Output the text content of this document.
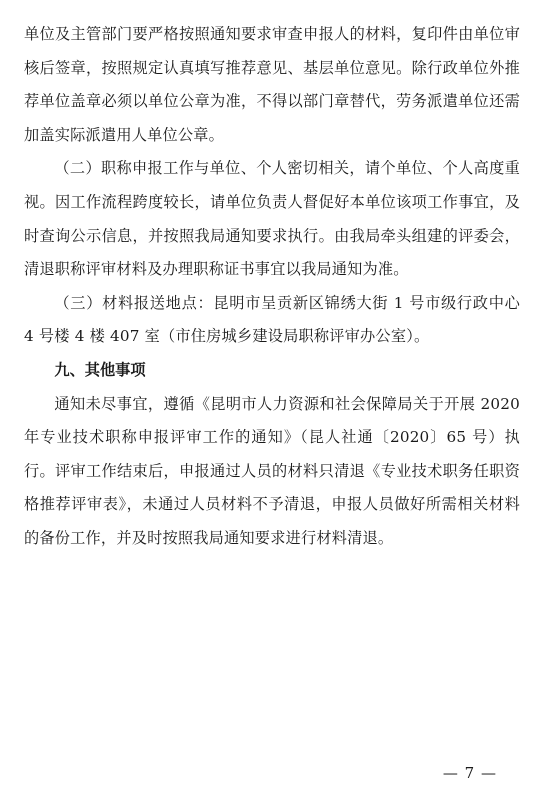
单位及主管部门要严格按照通知要求审查申报人的材料，复印件由单位审核后签章，按照规定认真填写推荐意见、基层单位意见。除行政单位外推荐单位盖章必须以单位公章为准，不得以部门章替代，劳务派遣单位还需加盖实际派遣用人单位公章。

（二）职称申报工作与单位、个人密切相关，请个单位、个人高度重视。因工作流程跨度较长，请单位负责人督促好本单位该项工作事宜，及时查询公示信息，并按照我局通知要求执行。由我局牵头组建的评委会，清退职称评审材料及办理职称证书事宜以我局通知为准。

（三）材料报送地点：昆明市呈贡新区锦绣大街 1 号市级行政中心 4 号楼 4 楼 407 室（市住房城乡建设局职称评审办公室）。

九、其他事项

通知未尽事宜，遵循《昆明市人力资源和社会保障局关于开展 2020 年专业技术职称申报评审工作的通知》（昆人社通〔2020〕65 号）执行。评审工作结束后，申报通过人员的材料只清退《专业技术职务任职资格推荐评审表》，未通过人员材料不予清退，申报人员做好所需相关材料的备份工作，并及时按照我局通知要求进行材料清退。

— 7 —
